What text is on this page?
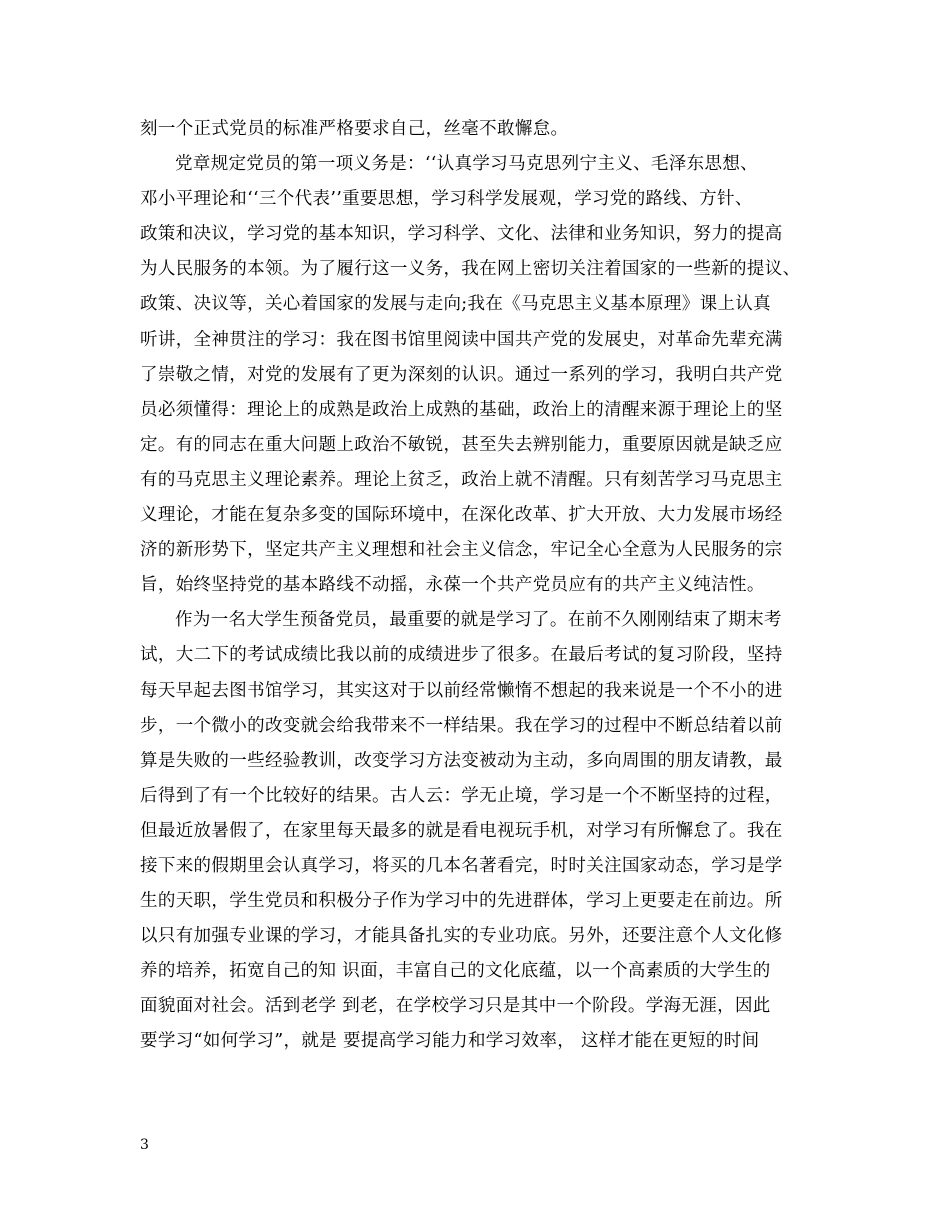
刻一个正式党员的标准严格要求自己，丝毫不敢懈怠。
党章规定党员的第一项义务是：‘‘认真学习马克思列宁主义、毛泽东思想、
邓小平理论和‘‘三个代表’’重要思想，学习科学发展观，学习党的路线、方针、
政策和决议，学习党的基本知识，学习科学、文化、法律和业务知识，努力的提高
为人民服务的本领。为了履行这一义务，我在网上密切关注着国家的一些新的提议、
政策、决议等，关心着国家的发展与走向;我在《马克思主义基本原理》课上认真
听讲，全神贯注的学习：我在图书馆里阅读中国共产党的发展史，对革命先辈充满
了崇敬之情，对党的发展有了更为深刻的认识。通过一系列的学习，我明白共产党
员必须懂得：理论上的成熟是政治上成熟的基础，政治上的清醒来源于理论上的坚
定。有的同志在重大问题上政治不敏锐，甚至失去辨别能力，重要原因就是缺乏应
有的马克思主义理论素养。理论上贫乏，政治上就不清醒。只有刻苦学习马克思主
义理论，才能在复杂多变的国际环境中，在深化改革、扩大开放、大力发展市场经
济的新形势下，坚定共产主义理想和社会主义信念，牢记全心全意为人民服务的宗
旨，始终坚持党的基本路线不动摇，永葆一个共产党员应有的共产主义纯洁性。
作为一名大学生预备党员，最重要的就是学习了。在前不久刚刚结束了期末考
试，大二下的考试成绩比我以前的成绩进步了很多。在最后考试的复习阶段，坚持
每天早起去图书馆学习，其实这对于以前经常懒惰不想起的我来说是一个不小的进
步，一个微小的改变就会给我带来不一样结果。我在学习的过程中不断总结着以前
算是失败的一些经验教训，改变学习方法变被动为主动，多向周围的朋友请教，最
后得到了有一个比较好的结果。古人云：学无止境，学习是一个不断坚持的过程，
但最近放暑假了，在家里每天最多的就是看电视玩手机，对学习有所懈怠了。我在
接下来的假期里会认真学习，将买的几本名著看完，时时关注国家动态，学习是学
生的天职，学生党员和积极分子作为学习中的先进群体，学习上更要走在前边。所
以只有加强专业课的学习，才能具备扎实的专业功底。另外，还要注意个人文化修
养的培养，拓宽自己的知 识面，丰富自己的文化底蕴，以一个高素质的大学生的
面貌面对社会。活到老学 到老，在学校学习只是其中一个阶段。学海无涯，因此
要学习“如何学习”，就是 要提高学习能力和学习效率， 这样才能在更短的时间
3
